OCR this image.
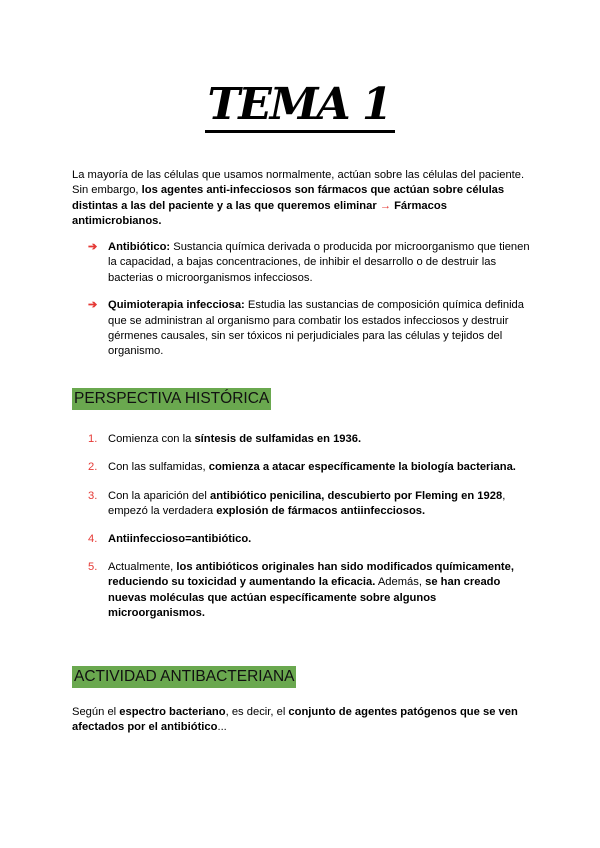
TEMA 1

La mayoría de las células que usamos normalmente, actúan sobre las células del paciente. Sin embargo, los agentes anti-infecciosos son fármacos que actúan sobre células distintas a las del paciente y a las que queremos eliminar → Fármacos antimicrobianos.

➔ Antibiótico: Sustancia química derivada o producida por microorganismo que tienen la capacidad, a bajas concentraciones, de inhibir el desarrollo o de destruir las bacterias o microorganismos infecciosos.
➔ Quimioterapia infecciosa: Estudia las sustancias de composición química definida que se administran al organismo para combatir los estados infecciosos y destruir gérmenes causales, sin ser tóxicos ni perjudiciales para las células y tejidos del organismo.
PERSPECTIVA HISTÓRICA
1. Comienza con la síntesis de sulfamidas en 1936.
2. Con las sulfamidas, comienza a atacar específicamente la biología bacteriana.
3. Con la aparición del antibiótico penicilina, descubierto por Fleming en 1928, empezó la verdadera explosión de fármacos antiinfecciosos.
4. Antiinfeccioso=antibiótico.
5. Actualmente, los antibióticos originales han sido modificados químicamente, reduciendo su toxicidad y aumentando la eficacia. Además, se han creado nuevas moléculas que actúan específicamente sobre algunos microorganismos.
ACTIVIDAD ANTIBACTERIANA

Según el espectro bacteriano, es decir, el conjunto de agentes patógenos que se ven afectados por el antibiótico...
